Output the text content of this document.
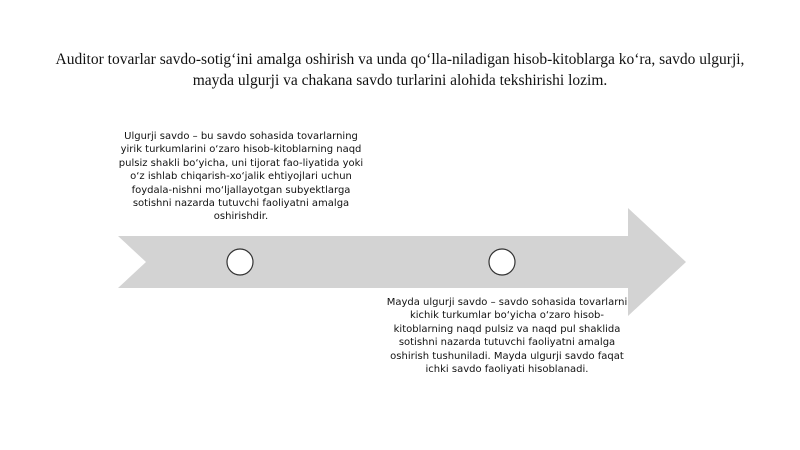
Auditor tovarlar savdo-sotig‘ini amalga oshirish va unda qo‘lla-niladigan hisob-kitoblarga ko‘ra, savdo ulgurji, mayda ulgurji va chakana savdo turlarini alohida tekshirishi lozim.
Ulgurji savdo – bu savdo sohasida tovarlarning yirik turkumlarini o‘zaro hisob-kitoblarning naqd pulsiz shakli bo‘yicha, uni tijorat fao-liyatida yoki o‘z ishlab chiqarish-xo‘jalik ehtiyojlari uchun foydala-nishni mo‘ljallayotgan subyektlarga sotishni nazarda tutuvchi faoliyatni amalga oshirishdir.
Mayda ulgurji savdo – savdo sohasida tovarlarni kichik turkumlar bo‘yicha o‘zaro hisob-kitoblarning naqd pulsiz va naqd pul shaklida sotishni nazarda tutuvchi faoliyatni amalga oshirish tushuniladi. Mayda ulgurji savdo faqat ichki savdo faoliyati hisoblanadi.
